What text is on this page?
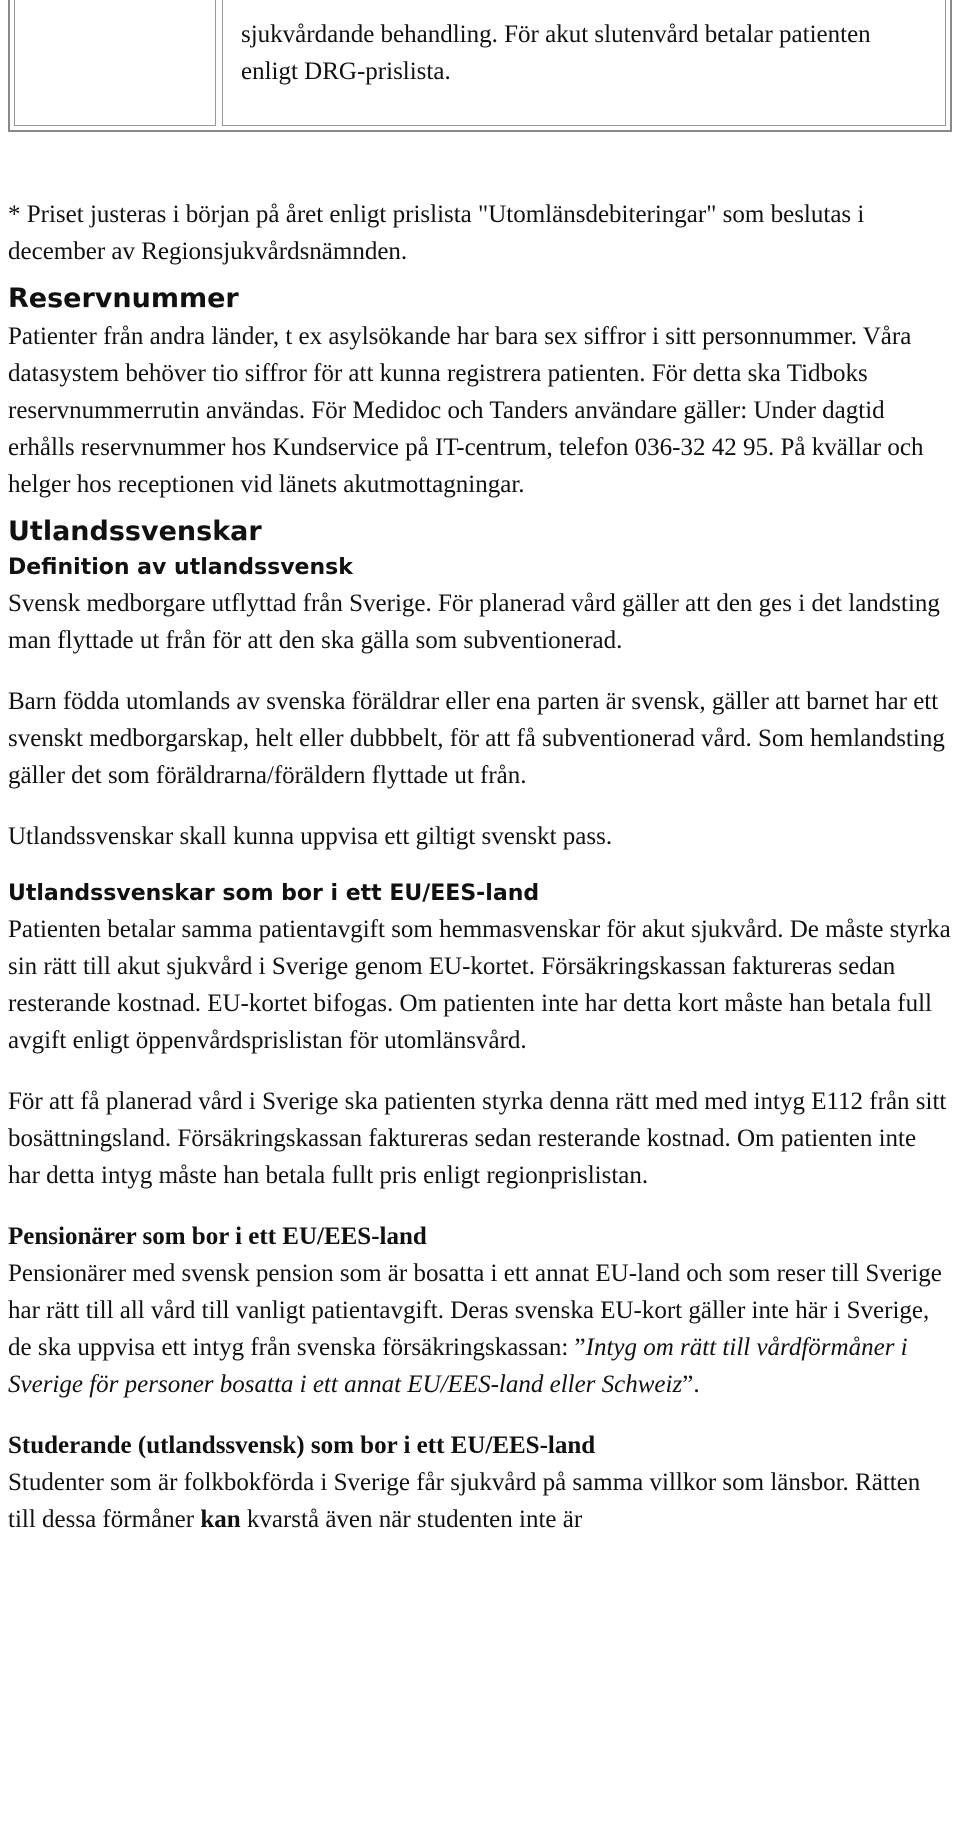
sjukvårdande behandling. För akut slutenvård betalar patienten enligt DRG-prislista.

* Priset justeras i början på året enligt prislista "Utomlänsdebiteringar" som beslutas i december av Regionsjukvårdsnämnden.

Reservnummer

Patienter från andra länder, t ex asylsökande har bara sex siffror i sitt personnummer. Våra datasystem behöver tio siffror för att kunna registrera patienten. För detta ska Tidboks reservnummerrutin användas. För Medidoc och Tanders användare gäller: Under dagtid erhålls reservnummer hos Kundservice på IT-centrum, telefon 036-32 42 95. På kvällar och helger hos receptionen vid länets akutmottagningar.

Utlandssvenskar
Definition av utlandssvensk

Svensk medborgare utflyttad från Sverige. För planerad vård gäller att den ges i det landsting man flyttade ut från för att den ska gälla som subventionerad.

Barn födda utomlands av svenska föräldrar eller ena parten är svensk, gäller att barnet har ett svenskt medborgarskap, helt eller dubbbelt, för att få subventionerad vård. Som hemlandsting gäller det som föräldrarna/föräldern flyttade ut från.

Utlandssvenskar skall kunna uppvisa ett giltigt svenskt pass.

Utlandssvenskar som bor i ett EU/EES-land

Patienten betalar samma patientavgift som hemmasvenskar för akut sjukvård. De måste styrka sin rätt till akut sjukvård i Sverige genom EU-kortet. Försäkringskassan faktureras sedan resterande kostnad. EU-kortet bifogas. Om patienten inte har detta kort måste han betala full avgift enligt öppenvårdsprislistan för utomlänsvård.

För att få planerad vård i Sverige ska patienten styrka denna rätt med med intyg E112 från sitt bosättningsland. Försäkringskassan faktureras sedan resterande kostnad. Om patienten inte har detta intyg måste han betala fullt pris enligt regionprislistan.

Pensionärer som bor i ett EU/EES-land

Pensionärer med svensk pension som är bosatta i ett annat EU-land och som reser till Sverige har rätt till all vård till vanligt patientavgift. Deras svenska EU-kort gäller inte här i Sverige, de ska uppvisa ett intyg från svenska försäkringskassan: ”Intyg om rätt till vårdförmåner i Sverige för personer bosatta i ett annat EU/EES-land eller Schweiz”.

Studerande (utlandssvensk) som bor i ett EU/EES-land

Studenter som är folkbokförda i Sverige får sjukvård på samma villkor som länsbor. Rätten till dessa förmåner kan kvarstå även när studenten inte är
